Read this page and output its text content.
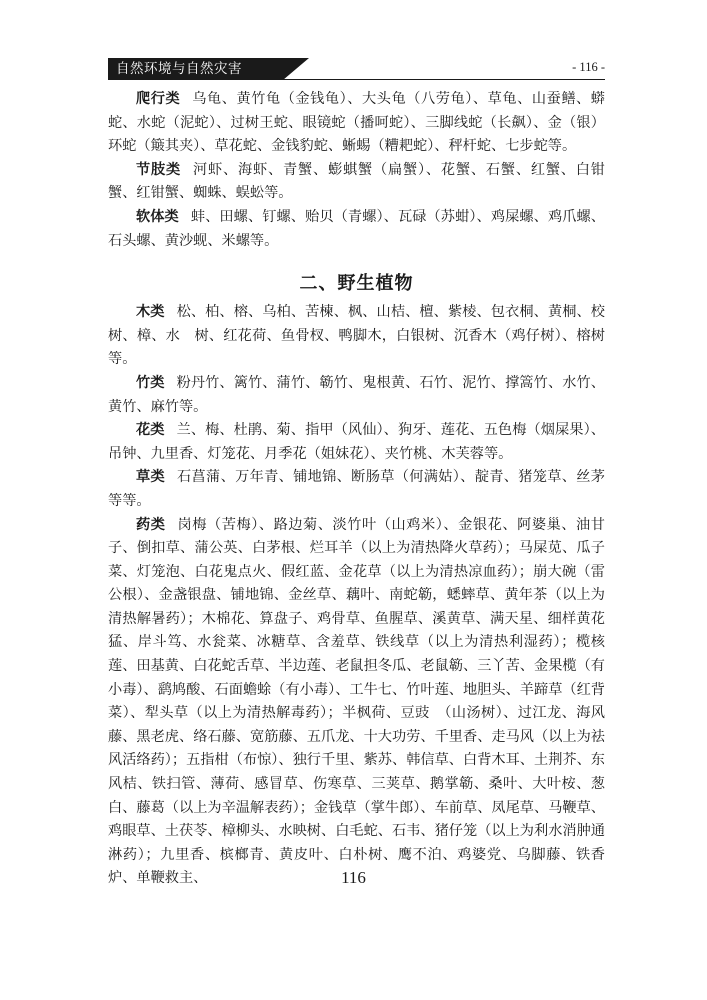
自然环境与自然灾害	- 116 -

爬行类 乌龟、黄竹龟（金钱龟）、大头龟（八劳龟）、草龟、山蚕鳝、蟒蛇、水蛇（泥蛇）、过树王蛇、眼镜蛇（播呵蛇）、三脚线蛇（长飙）、金（银）环蛇（簸其夹）、草花蛇、金钱豹蛇、蜥蜴（糟耙蛇）、秤杆蛇、七步蛇等。

节肢类 河虾、海虾、青蟹、蟛蜞蟹（扁蟹）、花蟹、石蟹、红蟹、白钳蟹、红钳蟹、蜘蛛、蜈蚣等。

软体类 蚌、田螺、钉螺、贻贝（青螺）、瓦碌（苏蚶）、鸡屎螺、鸡爪螺、石头螺、黄沙蚬、米螺等。

二、野生植物

木类 松、柏、榕、乌柏、苦楝、枫、山桔、檀、紫棱、包衣桐、黄桐、校树、樟、水　树、红花荷、鱼骨杈、鸭脚木，白银树、沉香木（鸡仔树）、榕树等。

竹类 粉丹竹、篱竹、蒲竹、簕竹、鬼根黄、石竹、泥竹、撑篙竹、水竹、黄竹、麻竹等。

花类 兰、梅、杜鹃、菊、指甲（风仙）、狗牙、莲花、五色梅（烟屎果）、吊钟、九里香、灯笼花、月季花（姐妹花）、夹竹桃、木芙蓉等。

草类 石菖蒲、万年青、铺地锦、断肠草（何满姑）、靛青、猪笼草、丝茅等等。

药类 岗梅（苦梅）、路边菊、淡竹叶（山鸡米）、金银花、阿婆巢、油甘子、倒扣草、蒲公英、白茅根、烂耳羊（以上为清热降火草药）；马屎苋、瓜子菜、灯笼泡、白花鬼点火、假红蓝、金花草（以上为清热凉血药）；崩大碗（雷公根）、金盏银盘、铺地锦、金丝草、藕叶、南蛇簕，蟋蟀草、黄年茶（以上为清热解暑药）；木棉花、算盘子、鸡骨草、鱼腥草、溪黄草、满天星、细样黄花猛、岸斗笃、水瓮菜、冰糖草、含羞草、铁线草（以上为清热利湿药）；榄核莲、田基黄、白花蛇舌草、半边莲、老鼠担冬瓜、老鼠簕、三丫苦、金果榄（有小毒）、鹞鸠酸、石面蟾蜍（有小毒）、工牛七、竹叶莲、地胆头、羊蹄草（红背菜）、犁头草（以上为清热解毒药）；半枫荷、豆豉　（山汤树）、过江龙、海风藤、黑老虎、络石藤、宽筋藤、五爪龙、十大功劳、千里香、走马风（以上为祛风活络药）；五指柑（布惊）、独行千里、紫苏、韩信草、白背木耳、土荆芥、东风桔、铁扫管、薄荷、感冒草、伤寒草、三荚草、鹅掌簕、桑叶、大叶桉、葱白、藤葛（以上为辛温解表药）；金钱草（掌牛郎）、车前草、凤尾草、马鞭草、鸡眼草、土茯苓、樟柳头、水映树、白毛蛇、石韦、猪仔笼（以上为利水消肿通淋药）；九里香、槟榔青、黄皮叶、白朴树、鹰不泊、鸡婆党、乌脚藤、铁香炉、单鞭救主、	116
